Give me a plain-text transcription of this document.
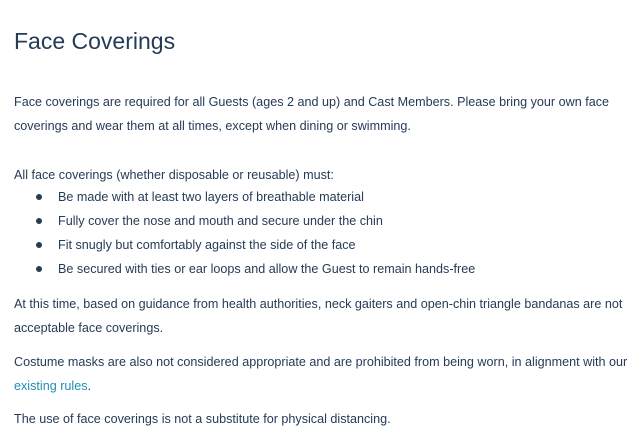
Face Coverings

Face coverings are required for all Guests (ages 2 and up) and Cast Members. Please bring your own face coverings and wear them at all times, except when dining or swimming.

All face coverings (whether disposable or reusable) must:

Be made with at least two layers of breathable material
Fully cover the nose and mouth and secure under the chin
Fit snugly but comfortably against the side of the face
Be secured with ties or ear loops and allow the Guest to remain hands-free

At this time, based on guidance from health authorities, neck gaiters and open-chin triangle bandanas are not acceptable face coverings.

Costume masks are also not considered appropriate and are prohibited from being worn, in alignment with our existing rules.

The use of face coverings is not a substitute for physical distancing.
